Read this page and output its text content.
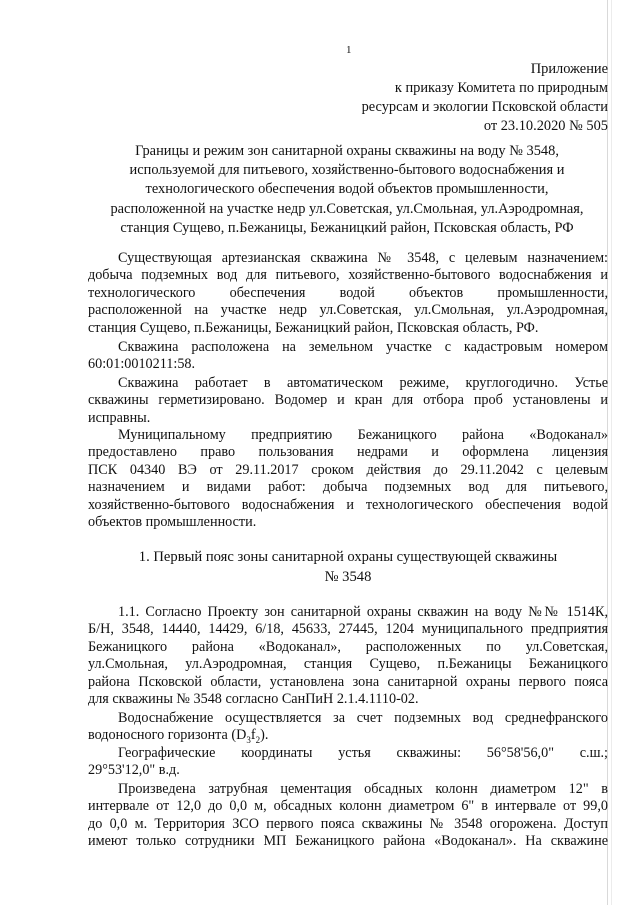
1
Приложение
к приказу Комитета по природным
ресурсам и экологии Псковской области
от 23.10.2020 № 505
Границы и режим зон санитарной охраны скважины на воду № 3548,
используемой для питьевого, хозяйственно-бытового водоснабжения и
технологического обеспечения водой объектов промышленности,
расположенной на участке недр ул.Советская, ул.Смольная, ул.Аэродромная,
станция Сущево, п.Бежаницы, Бежаницкий район, Псковская область, РФ
Существующая артезианская скважина № 3548, с целевым назначением:
добыча подземных вод для питьевого, хозяйственно-бытового водоснабжения и
технологического обеспечения водой объектов промышленности,
расположенной на участке недр ул.Советская, ул.Смольная, ул.Аэродромная,
станция Сущево, п.Бежаницы, Бежаницкий район, Псковская область, РФ.
Скважина расположена на земельном участке с кадастровым номером
60:01:0010211:58.
Скважина работает в автоматическом режиме, круглогодично. Устье
скважины герметизировано. Водомер и кран для отбора проб установлены и
исправны.
Муниципальному предприятию Бежаницкого района «Водоканал»
предоставлено право пользования недрами и оформлена лицензия
ПСК 04340 ВЭ от 29.11.2017 сроком действия до 29.11.2042 с целевым
назначением и видами работ: добыча подземных вод для питьевого,
хозяйственно-бытового водоснабжения и технологического обеспечения водой
объектов промышленности.
1. Первый пояс зоны санитарной охраны существующей скважины
№ 3548
1.1. Согласно Проекту зон санитарной охраны скважин на воду №№ 1514К,
Б/Н, 3548, 14440, 14429, 6/18, 45633, 27445, 1204 муниципального предприятия
Бежаницкого района «Водоканал», расположенных по ул.Советская,
ул.Смольная, ул.Аэродромная, станция Сущево, п.Бежаницы Бежаницкого
района Псковской области, установлена зона санитарной охраны первого пояса
для скважины № 3548 согласно СанПиН 2.1.4.1110-02.
Водоснабжение осуществляется за счет подземных вод среднефранского
водоносного горизонта $(D_3f_2)$.
Географические координаты устья скважины: 56°58'56,0" с.ш.;
29°53'12,0" в.д.
Произведена затрубная цементация обсадных колонн диаметром 12" в
интервале от 12,0 до 0,0 м, обсадных колонн диаметром 6" в интервале от 99,0
до 0,0 м. Территория ЗСО первого пояса скважины № 3548 огорожена. Доступ
имеют только сотрудники МП Бежаницкого района «Водоканал». На скважине
